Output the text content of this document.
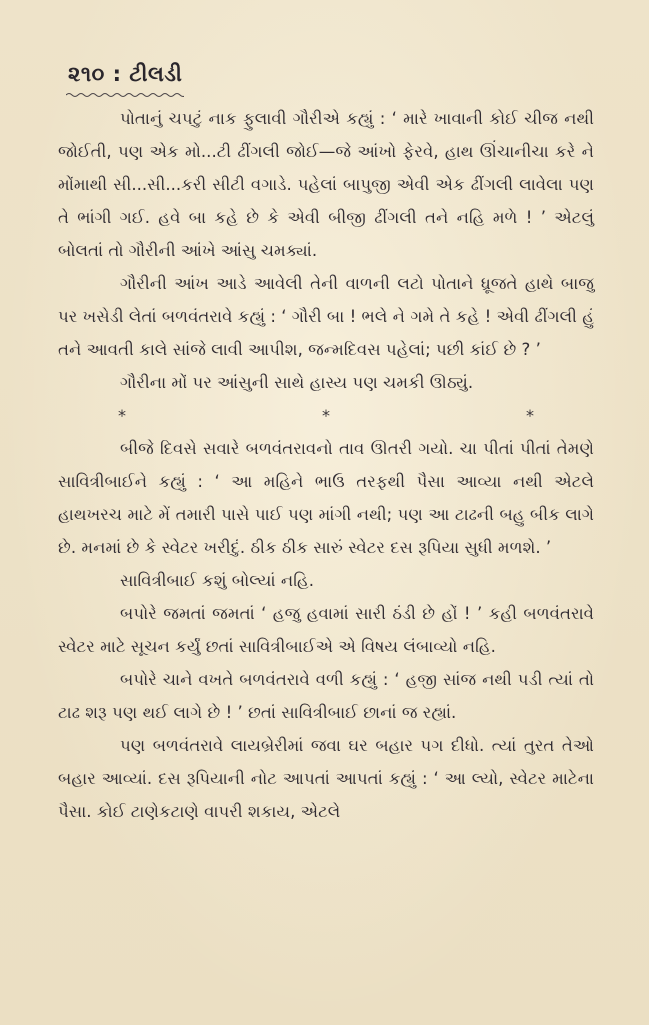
૨૧૦ : ટીલડી

પોતાનું ચપટું નાક ફુલાવી ગૌરીએ કહ્યું : ‘ મારે ખાવાની કોઈ ચીજ નથી જોઈતી, પણ એક મો...ટી ઢીંગલી જોઈ—જે આંખો ફેરવે, હાથ ઊંચાનીચા કરે ને મોંમાથી સી...સી...કરી સીટી વગાડે. પહેલાં બાપુજી એવી એક ઢીંગલી લાવેલા પણ તે ભાંગી ગઈ. હવે બા કહે છે કે એવી બીજી ઢીંગલી તને નહિ મળે ! ’ એટલું બોલતાં તો ગૌરીની આંખે આંસુ ચમક્યાં.

ગૌરીની આંખ આડે આવેલી તેની વાળની લટો પોતાને ધ્રૂજતે હાથે બાજુ પર ખસેડી લેતાં બળવંતરાવે કહ્યું : ‘ ગૌરી બા ! ભલે ને ગમે તે કહે ! એવી ઢીંગલી હું તને આવતી કાલે સાંજે લાવી આપીશ, જન્મદિવસ પહેલાં; પછી કાંઈ છે ? ’

ગૌરીના મોં પર આંસુની સાથે હાસ્ય પણ ચમકી ઊઠ્યું.

*	*	*

બીજે દિવસે સવારે બળવંતરાવનો તાવ ઊતરી ગયો. ચા પીતાં પીતાં તેમણે સાવિત્રીબાઈને કહ્યું : ‘ આ મહિને ભાઉ તરફથી પૈસા આવ્યા નથી એટલે હાથખરચ માટે મેં તમારી પાસે પાઈ પણ માંગી નથી; પણ આ ટાઢની બહુ બીક લાગે છે. મનમાં છે કે સ્વેટર ખરીદું. ઠીક ઠીક સારું સ્વેટર દસ રૂપિયા સુધી મળશે. ’

સાવિત્રીબાઈ કશું બોલ્યાં નહિ.

બપોરે જમતાં જમતાં ‘ હજુ હવામાં સારી ઠંડી છે હોં ! ’ કહી બળવંતરાવે સ્વેટર માટે સૂચન કર્યું છતાં સાવિત્રીબાઈએ એ વિષય લંબાવ્યો નહિ.

બપોરે ચાને વખતે બળવંતરાવે વળી કહ્યું : ‘ હજી સાંજ નથી પડી ત્યાં તો ટાઢ શરૂ પણ થઈ લાગે છે ! ’ છતાં સાવિત્રીબાઈ છાનાં જ રહ્યાં.

પણ બળવંતરાવે લાયબ્રેરીમાં જવા ઘર બહાર પગ દીધો. ત્યાં તુરત તેઓ બહાર આવ્યાં. દસ રૂપિયાની નોટ આપતાં આપતાં કહ્યું : ‘ આ લ્યો, સ્વેટર માટેના પૈસા. કોઈ ટાણેકટાણે વાપરી શકાય, એટલે
